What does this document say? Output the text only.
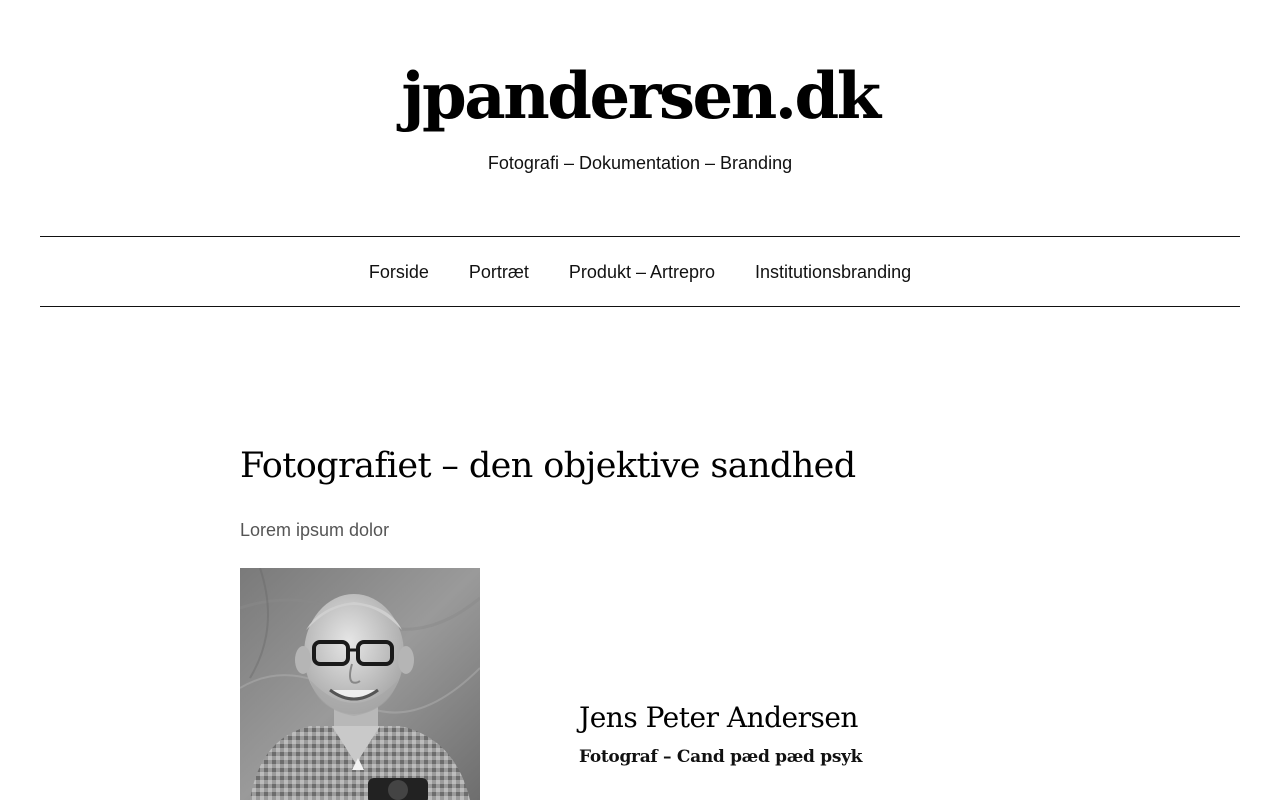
jpandersen.dk

Fotografi – Dokumentation – Branding

Forside Portræt Produkt – Artrepro Institutionsbranding
Fotografiet – den objektive sandhed

Lorem ipsum dolor

Jens Peter Andersen

Fotograf – Cand pæd pæd psyk
